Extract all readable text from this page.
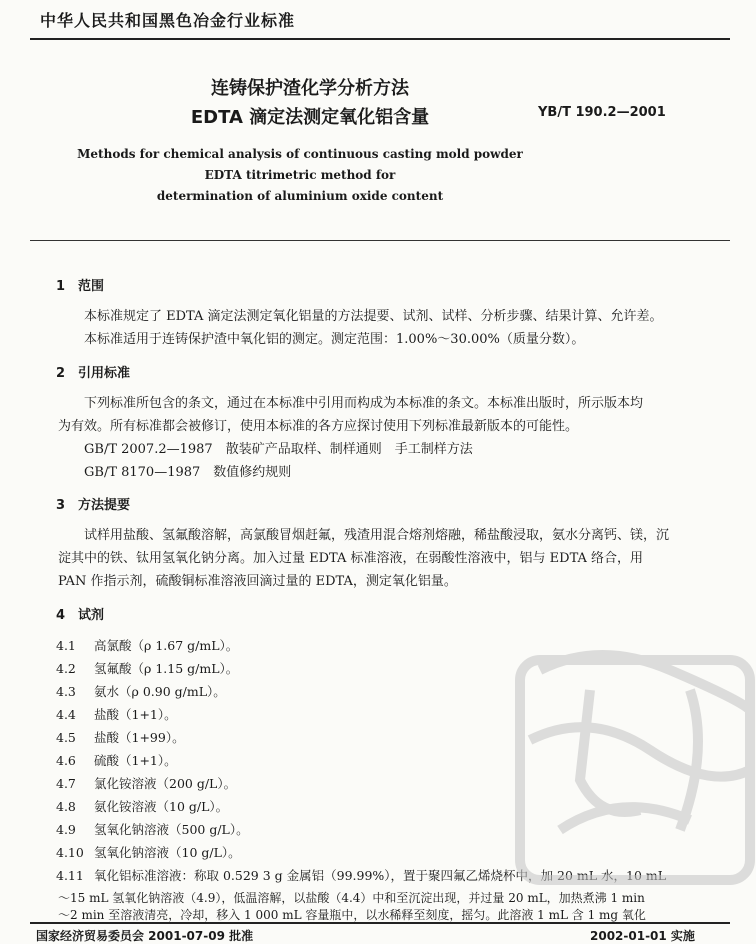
中华人民共和国黑色冶金行业标准
连铸保护渣化学分析方法
EDTA 滴定法测定氧化铝含量	YB/T 190.2—2001
Methods for chemical analysis of continuous casting mold powder
EDTA titrimetric method for
determination of aluminium oxide content
1 范围
本标准规定了 EDTA 滴定法测定氧化铝量的方法提要、试剂、试样、分析步骤、结果计算、允许差。
本标准适用于连铸保护渣中氧化铝的测定。测定范围：1.00%～30.00%（质量分数）。
2 引用标准
下列标准所包含的条文，通过在本标准中引用而构成为本标准的条文。本标准出版时，所示版本均
为有效。所有标准都会被修订，使用本标准的各方应探讨使用下列标准最新版本的可能性。
GB/T 2007.2—1987　散装矿产品取样、制样通则　手工制样方法
GB/T 8170—1987　数值修约规则
3 方法提要
试样用盐酸、氢氟酸溶解，高氯酸冒烟赶氟，残渣用混合熔剂熔融，稀盐酸浸取，氨水分离钙、镁，沉
淀其中的铁、钛用氢氧化钠分离。加入过量 EDTA 标准溶液，在弱酸性溶液中，铝与 EDTA 络合，用
PAN 作指示剂，硫酸铜标准溶液回滴过量的 EDTA，测定氧化铝量。
4 试剂
4.1 高氯酸（ρ 1.67 g/mL）。
4.2 氢氟酸（ρ 1.15 g/mL）。
4.3 氨水（ρ 0.90 g/mL）。
4.4 盐酸（1+1）。
4.5 盐酸（1+99）。
4.6 硫酸（1+1）。
4.7 氯化铵溶液（200 g/L）。
4.8 氨化铵溶液（10 g/L）。
4.9 氢氧化钠溶液（500 g/L）。
4.10 氢氧化钠溶液（10 g/L）。
4.11 氧化铝标准溶液：称取 0.529 3 g 金属铝（99.99%），置于聚四氟乙烯烧杯中，加 20 mL 水，10 mL
～15 mL 氢氧化钠溶液（4.9），低温溶解，以盐酸（4.4）中和至沉淀出现，并过量 20 mL，加热煮沸 1 min
～2 min 至溶液清亮，冷却，移入 1 000 mL 容量瓶中，以水稀释至刻度，摇匀。此溶液 1 mL 含 1 mg 氧化
国家经济贸易委员会 2001-07-09 批准	2002-01-01 实施
